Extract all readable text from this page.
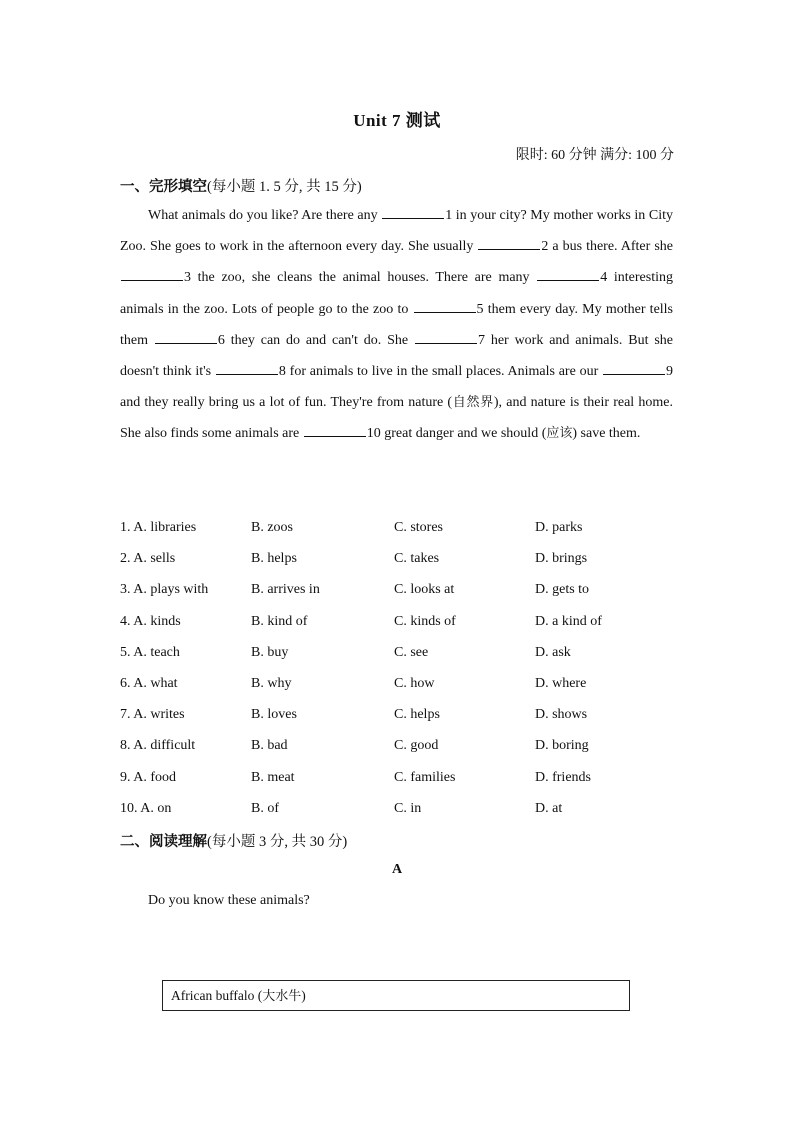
Unit 7 测试
限时: 60 分钟 满分: 100 分
一、完形填空(每小题 1. 5 分, 共 15 分)
What animals do you like? Are there any	1 in your city? My mother works in City Zoo. She goes to work in the afternoon every day. She usually	2 a bus there. After she 3 the zoo, she cleans the animal houses. There are many	4 interesting animals in the zoo. Lots of people go to the zoo to	5 them every day. My mother tells them	6 they can do and can't do. She	7 her work and animals. But she doesn't think it's	8 for animals to live in the small places. Animals are our	9 and they really bring us a lot of fun. They're from nature (自然界), and nature is their real home. She also finds some animals are	10 great danger and we should (应该) save them.
1. A. libraries	B. zoos	C. stores	D. parks
2. A. sells	B. helps	C. takes	D. brings
3. A. plays with	B. arrives in	C. looks at	D. gets to
4. A. kinds	B. kind of	C. kinds of	D. a kind of
5. A. teach	B. buy	C. see	D. ask
6. A. what	B. why	C. how	D. where
7. A. writes	B. loves	C. helps	D. shows
8. A. difficult	B. bad	C. good	D. boring
9. A. food	B. meat	C. families	D. friends
10. A. on	B. of	C. in	D. at
二、阅读理解(每小题 3 分, 共 30 分)
A
Do you know these animals?
African buffalo (大水牛)
